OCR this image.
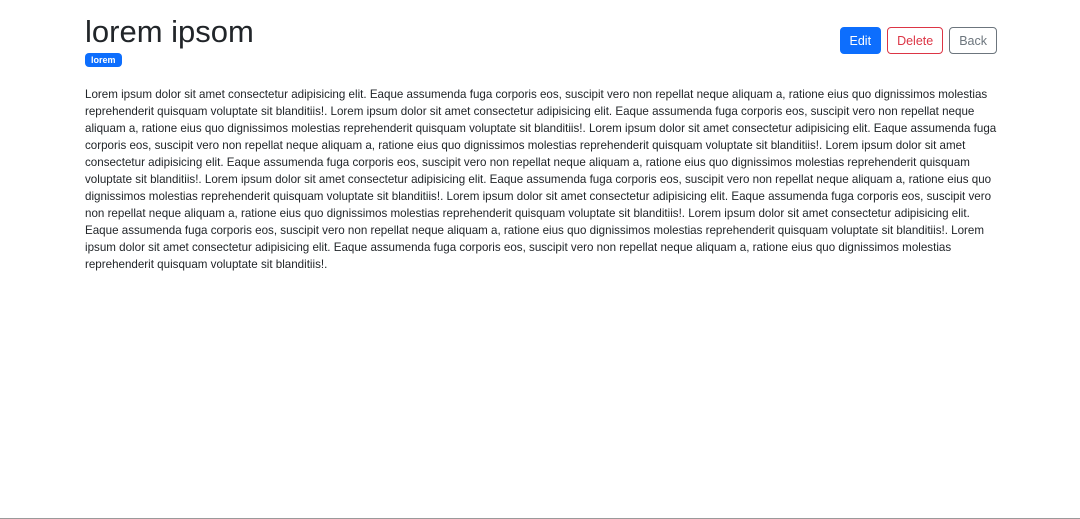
lorem ipsom
lorem
Edit	Delete	Back

Lorem ipsum dolor sit amet consectetur adipisicing elit. Eaque assumenda fuga corporis eos, suscipit vero non repellat neque aliquam a, ratione eius quo dignissimos molestias reprehenderit quisquam voluptate sit blanditiis!. Lorem ipsum dolor sit amet consectetur adipisicing elit. Eaque assumenda fuga corporis eos, suscipit vero non repellat neque aliquam a, ratione eius quo dignissimos molestias reprehenderit quisquam voluptate sit blanditiis!. Lorem ipsum dolor sit amet consectetur adipisicing elit. Eaque assumenda fuga corporis eos, suscipit vero non repellat neque aliquam a, ratione eius quo dignissimos molestias reprehenderit quisquam voluptate sit blanditiis!. Lorem ipsum dolor sit amet consectetur adipisicing elit. Eaque assumenda fuga corporis eos, suscipit vero non repellat neque aliquam a, ratione eius quo dignissimos molestias reprehenderit quisquam voluptate sit blanditiis!. Lorem ipsum dolor sit amet consectetur adipisicing elit. Eaque assumenda fuga corporis eos, suscipit vero non repellat neque aliquam a, ratione eius quo dignissimos molestias reprehenderit quisquam voluptate sit blanditiis!. Lorem ipsum dolor sit amet consectetur adipisicing elit. Eaque assumenda fuga corporis eos, suscipit vero non repellat neque aliquam a, ratione eius quo dignissimos molestias reprehenderit quisquam voluptate sit blanditiis!. Lorem ipsum dolor sit amet consectetur adipisicing elit. Eaque assumenda fuga corporis eos, suscipit vero non repellat neque aliquam a, ratione eius quo dignissimos molestias reprehenderit quisquam voluptate sit blanditiis!. Lorem ipsum dolor sit amet consectetur adipisicing elit. Eaque assumenda fuga corporis eos, suscipit vero non repellat neque aliquam a, ratione eius quo dignissimos molestias reprehenderit quisquam voluptate sit blanditiis!.
